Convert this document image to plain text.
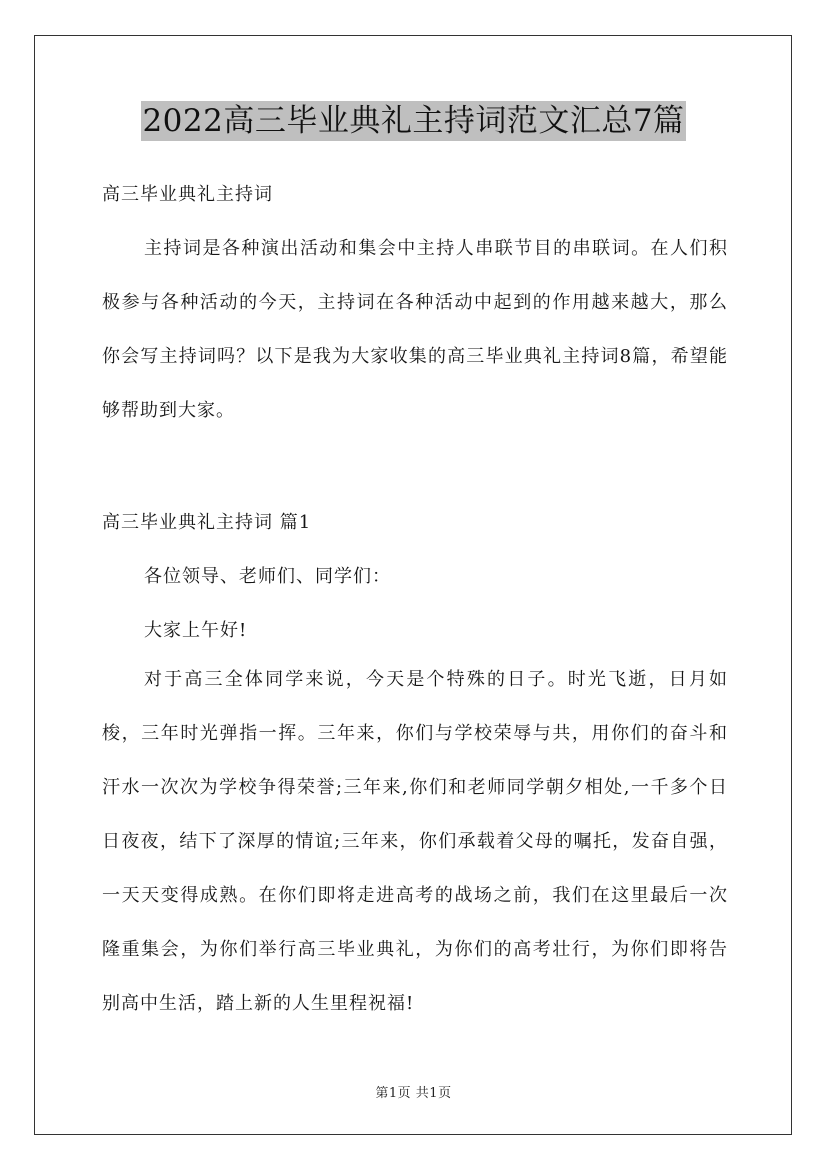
2022高三毕业典礼主持词范文汇总7篇
高三毕业典礼主持词
主持词是各种演出活动和集会中主持人串联节目的串联词。在人们积极参与各种活动的今天，主持词在各种活动中起到的作用越来越大，那么你会写主持词吗？以下是我为大家收集的高三毕业典礼主持词8篇，希望能够帮助到大家。
高三毕业典礼主持词 篇1
各位领导、老师们、同学们：
大家上午好!
对于高三全体同学来说，今天是个特殊的日子。时光飞逝，日月如梭，三年时光弹指一挥。三年来，你们与学校荣辱与共，用你们的奋斗和汗水一次次为学校争得荣誉;三年来,你们和老师同学朝夕相处,一千多个日日夜夜，结下了深厚的情谊;三年来，你们承载着父母的嘱托，发奋自强，一天天变得成熟。在你们即将走进高考的战场之前，我们在这里最后一次隆重集会，为你们举行高三毕业典礼，为你们的高考壮行，为你们即将告别高中生活，踏上新的人生里程祝福!
第1页 共1页
